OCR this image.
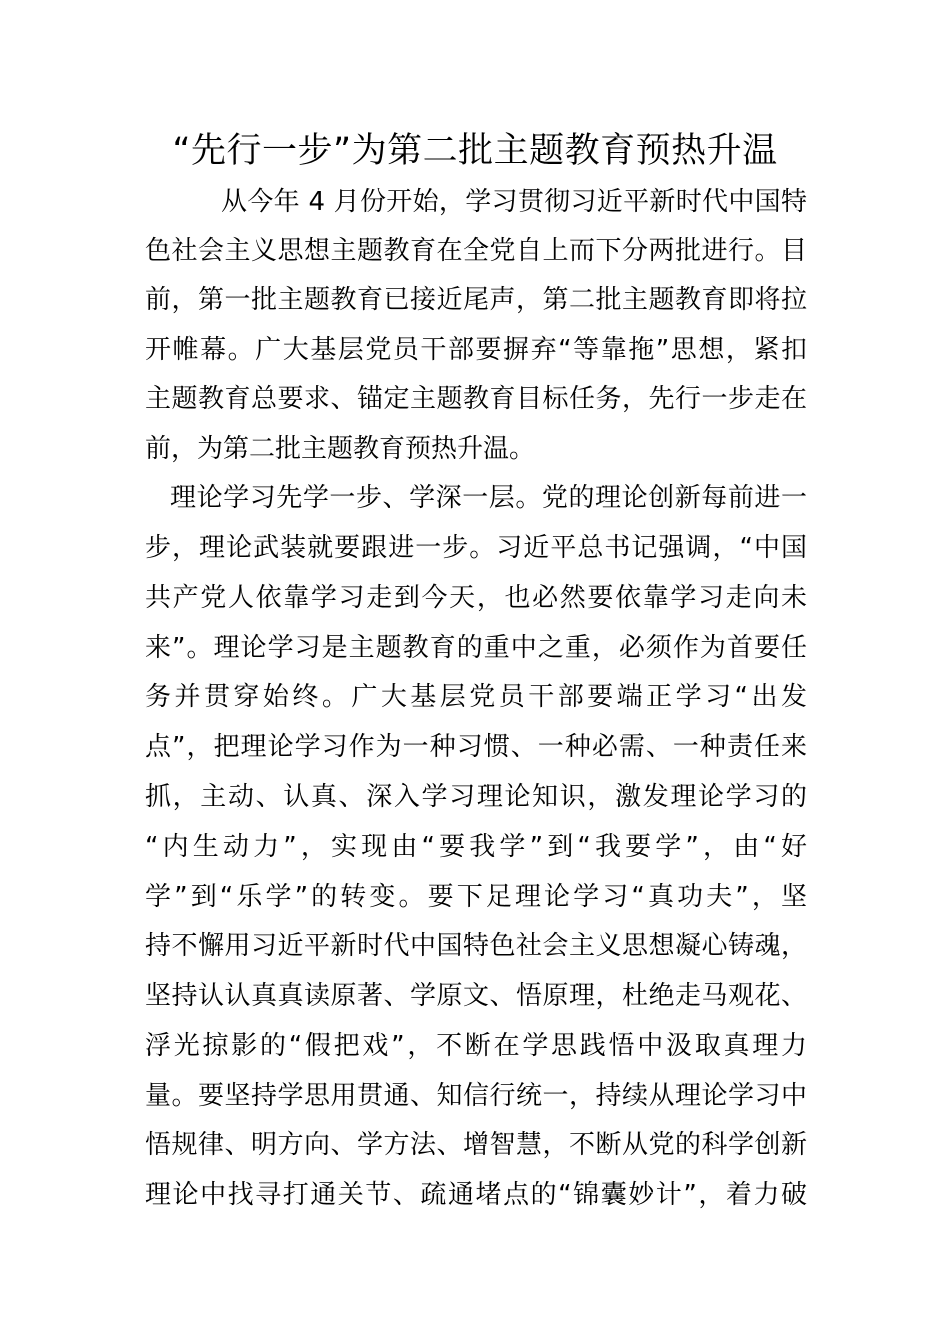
“先行一步”为第二批主题教育预热升温

从今年 4 月份开始，学习贯彻习近平新时代中国特

色社会主义思想主题教育在全党自上而下分两批进行。目

前，第一批主题教育已接近尾声，第二批主题教育即将拉

开帷幕。广大基层党员干部要摒弃“等靠拖”思想，紧扣

主题教育总要求、锚定主题教育目标任务，先行一步走在

前，为第二批主题教育预热升温。

理论学习先学一步、学深一层。党的理论创新每前进一

步，理论武装就要跟进一步。习近平总书记强调，“中国

共产党人依靠学习走到今天，也必然要依靠学习走向未

来”。理论学习是主题教育的重中之重，必须作为首要任

务并贯穿始终。广大基层党员干部要端正学习“出发

点”，把理论学习作为一种习惯、一种必需、一种责任来

抓，主动、认真、深入学习理论知识，激发理论学习的

“内生动力”，实现由“要我学”到“我要学”，由“好

学”到“乐学”的转变。要下足理论学习“真功夫”，坚

持不懈用习近平新时代中国特色社会主义思想凝心铸魂，

坚持认认真真读原著、学原文、悟原理，杜绝走马观花、

浮光掠影的“假把戏”，不断在学思践悟中汲取真理力

量。要坚持学思用贯通、知信行统一，持续从理论学习中

悟规律、明方向、学方法、增智慧，不断从党的科学创新

理论中找寻打通关节、疏通堵点的“锦囊妙计”，着力破
